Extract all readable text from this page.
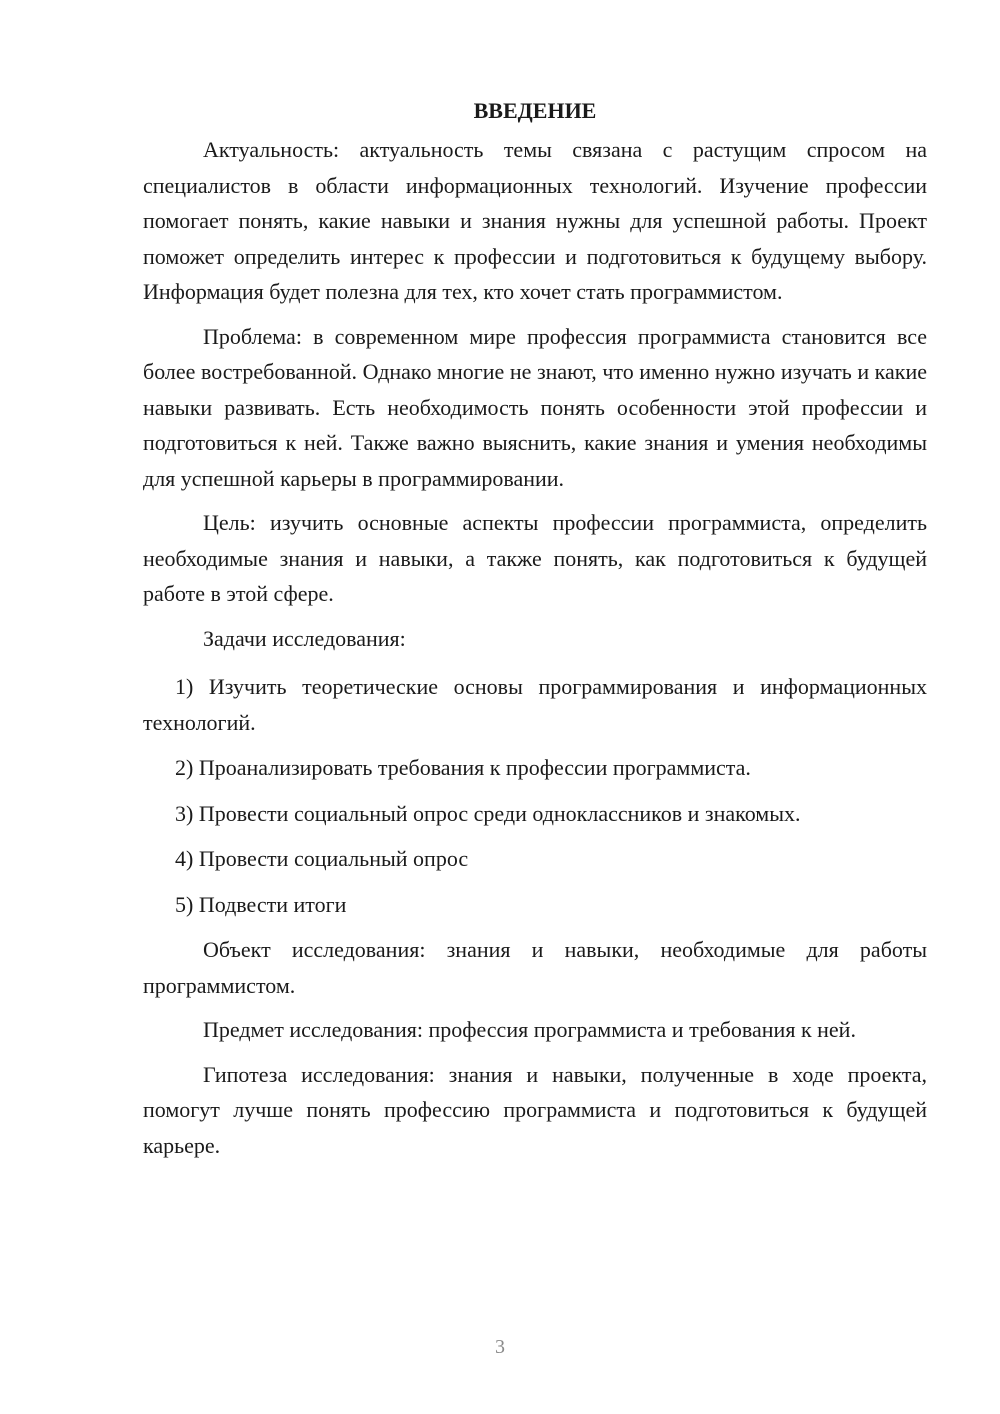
ВВЕДЕНИЕ

Актуальность: актуальность темы связана с растущим спросом на специалистов в области информационных технологий. Изучение профессии помогает понять, какие навыки и знания нужны для успешной работы. Проект поможет определить интерес к профессии и подготовиться к будущему выбору. Информация будет полезна для тех, кто хочет стать программистом.

Проблема: в современном мире профессия программиста становится все более востребованной. Однако многие не знают, что именно нужно изучать и какие навыки развивать. Есть необходимость понять особенности этой профессии и подготовиться к ней. Также важно выяснить, какие знания и умения необходимы для успешной карьеры в программировании.

Цель: изучить основные аспекты профессии программиста, определить необходимые знания и навыки, а также понять, как подготовиться к будущей работе в этой сфере.

Задачи исследования:

1) Изучить теоретические основы программирования и информационных технологий.

2) Проанализировать требования к профессии программиста.

3) Провести социальный опрос среди одноклассников и знакомых.

4) Провести социальный опрос

5) Подвести итоги

Объект исследования: знания и навыки, необходимые для работы программистом.

Предмет исследования: профессия программиста и требования к ней.

Гипотеза исследования: знания и навыки, полученные в ходе проекта, помогут лучше понять профессию программиста и подготовиться к будущей карьере.

3
